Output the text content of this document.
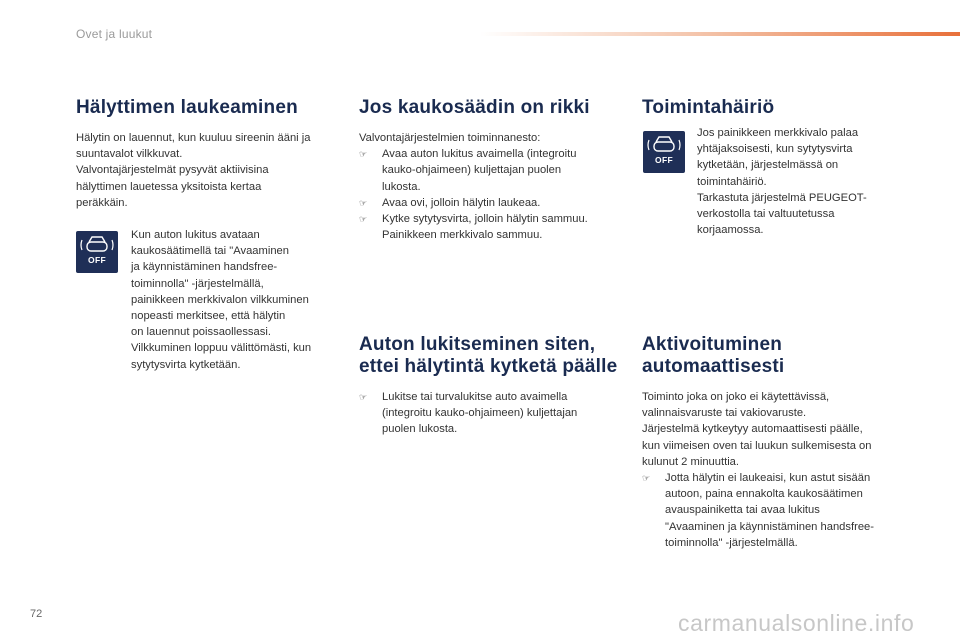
Ovet ja luukut
Hälyttimen laukeaminen

Hälytin on lauennut, kun kuuluu sireenin ääni ja

suuntavalot vilkkuvat.

Valvontajärjestelmät pysyvät aktiivisina

hälyttimen lauetessa yksitoista kertaa

peräkkäin.

OFF

Kun auton lukitus avataan

kaukosäätimellä tai "Avaaminen

ja käynnistäminen handsfree-

toiminnolla" -järjestelmällä,

painikkeen merkkivalon vilkkuminen

nopeasti merkitsee, että hälytin

on lauennut poissaollessasi.

Vilkkuminen loppuu välittömästi, kun

sytytysvirta kytketään.

Jos kaukosäädin on rikki

Valvontajärjestelmien toiminnanesto:

☞

Avaa auton lukitus avaimella (integroitu

kauko-ohjaimeen) kuljettajan puolen

lukosta.

☞

Avaa ovi, jolloin hälytin laukeaa.

☞

Kytke sytytysvirta, jolloin hälytin sammuu.

Painikkeen merkkivalo sammuu.

Auton lukitseminen siten,
ettei hälytintä kytketä päälle
☞

Lukitse tai turvalukitse auto avaimella

(integroitu kauko-ohjaimeen) kuljettajan

puolen lukosta.

Toimintahäiriö
OFF

Jos painikkeen merkkivalo palaa

yhtäjaksoisesti, kun sytytysvirta

kytketään, järjestelmässä on

toimintahäiriö.

Tarkastuta järjestelmä PEUGEOT-

verkostolla tai valtuutetussa

korjaamossa.

Aktivoituminen
automaattisesti

Toiminto joka on joko ei käytettävissä,

valinnaisvaruste tai vakiovaruste.

Järjestelmä kytkeytyy automaattisesti päälle,

kun viimeisen oven tai luukun sulkemisesta on

kulunut 2 minuuttia.

☞

Jotta hälytin ei laukeaisi, kun astut sisään

autoon, paina ennakolta kaukosäätimen

avauspainiketta tai avaa lukitus

"Avaaminen ja käynnistäminen handsfree-

toiminnolla" -järjestelmällä.

72	carmanualsonline.info
